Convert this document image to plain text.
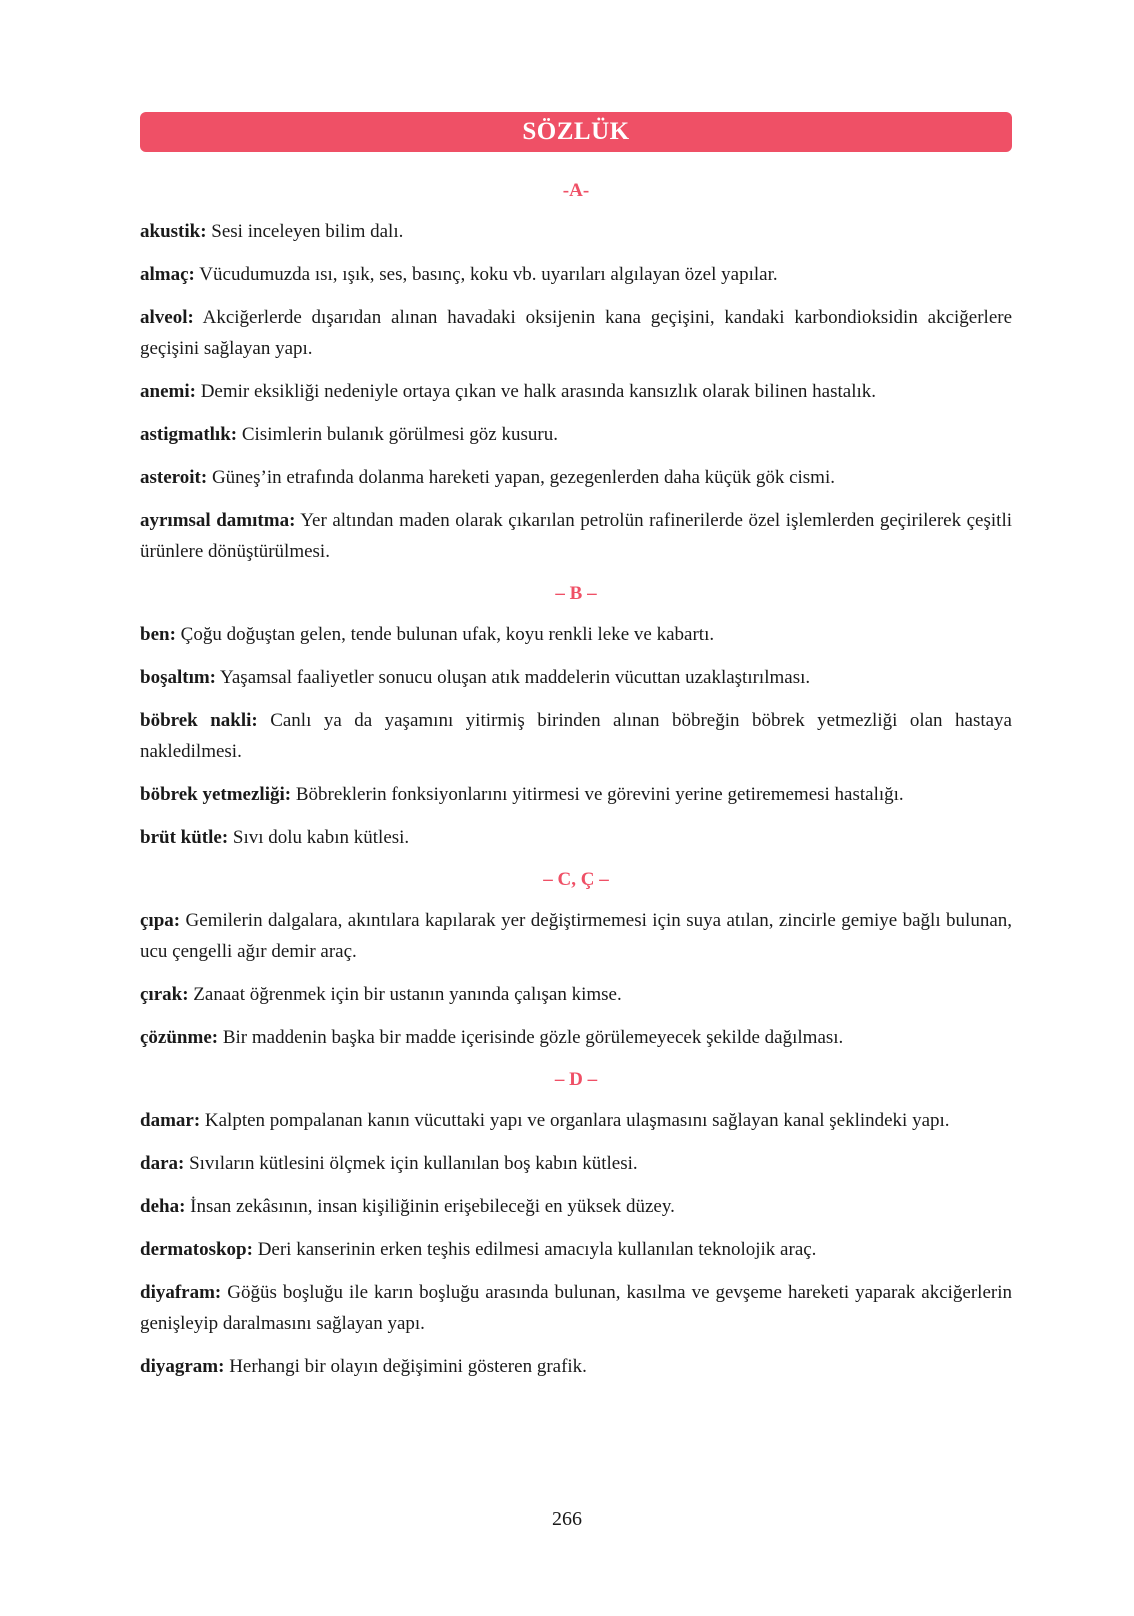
SÖZLÜK
-A-

akustik: Sesi inceleyen bilim dalı.

almaç: Vücudumuzda ısı, ışık, ses, basınç, koku vb. uyarıları algılayan özel yapılar.

alveol: Akciğerlerde dışarıdan alınan havadaki oksijenin kana geçişini, kandaki karbondioksidin akciğerlere geçişini sağlayan yapı.

anemi: Demir eksikliği nedeniyle ortaya çıkan ve halk arasında kansızlık olarak bilinen hastalık.

astigmatlık: Cisimlerin bulanık görülmesi göz kusuru.

asteroit: Güneş’in etrafında dolanma hareketi yapan, gezegenlerden daha küçük gök cismi.

ayrımsal damıtma: Yer altından maden olarak çıkarılan petrolün rafinerilerde özel işlemlerden geçirilerek çeşitli ürünlere dönüştürülmesi.

– B –

ben: Çoğu doğuştan gelen, tende bulunan ufak, koyu renkli leke ve kabartı.

boşaltım: Yaşamsal faaliyetler sonucu oluşan atık maddelerin vücuttan uzaklaştırılması.

böbrek nakli: Canlı ya da yaşamını yitirmiş birinden alınan böbreğin böbrek yetmezliği olan hastaya nakledilmesi.

böbrek yetmezliği: Böbreklerin fonksiyonlarını yitirmesi ve görevini yerine getirememesi hastalığı.

brüt kütle: Sıvı dolu kabın kütlesi.

– C, Ç –

çıpa: Gemilerin dalgalara, akıntılara kapılarak yer değiştirmemesi için suya atılan, zincirle gemiye bağlı bulunan, ucu çengelli ağır demir araç.

çırak: Zanaat öğrenmek için bir ustanın yanında çalışan kimse.

çözünme: Bir maddenin başka bir madde içerisinde gözle görülemeyecek şekilde dağılması.

– D –

damar: Kalpten pompalanan kanın vücuttaki yapı ve organlara ulaşmasını sağlayan kanal şeklindeki yapı.

dara: Sıvıların kütlesini ölçmek için kullanılan boş kabın kütlesi.

deha: İnsan zekâsının, insan kişiliğinin erişebileceği en yüksek düzey.

dermatoskop: Deri kanserinin erken teşhis edilmesi amacıyla kullanılan teknolojik araç.

diyafram: Göğüs boşluğu ile karın boşluğu arasında bulunan, kasılma ve gevşeme hareketi yaparak akciğerlerin genişleyip daralmasını sağlayan yapı.

diyagram: Herhangi bir olayın değişimini gösteren grafik.

266
